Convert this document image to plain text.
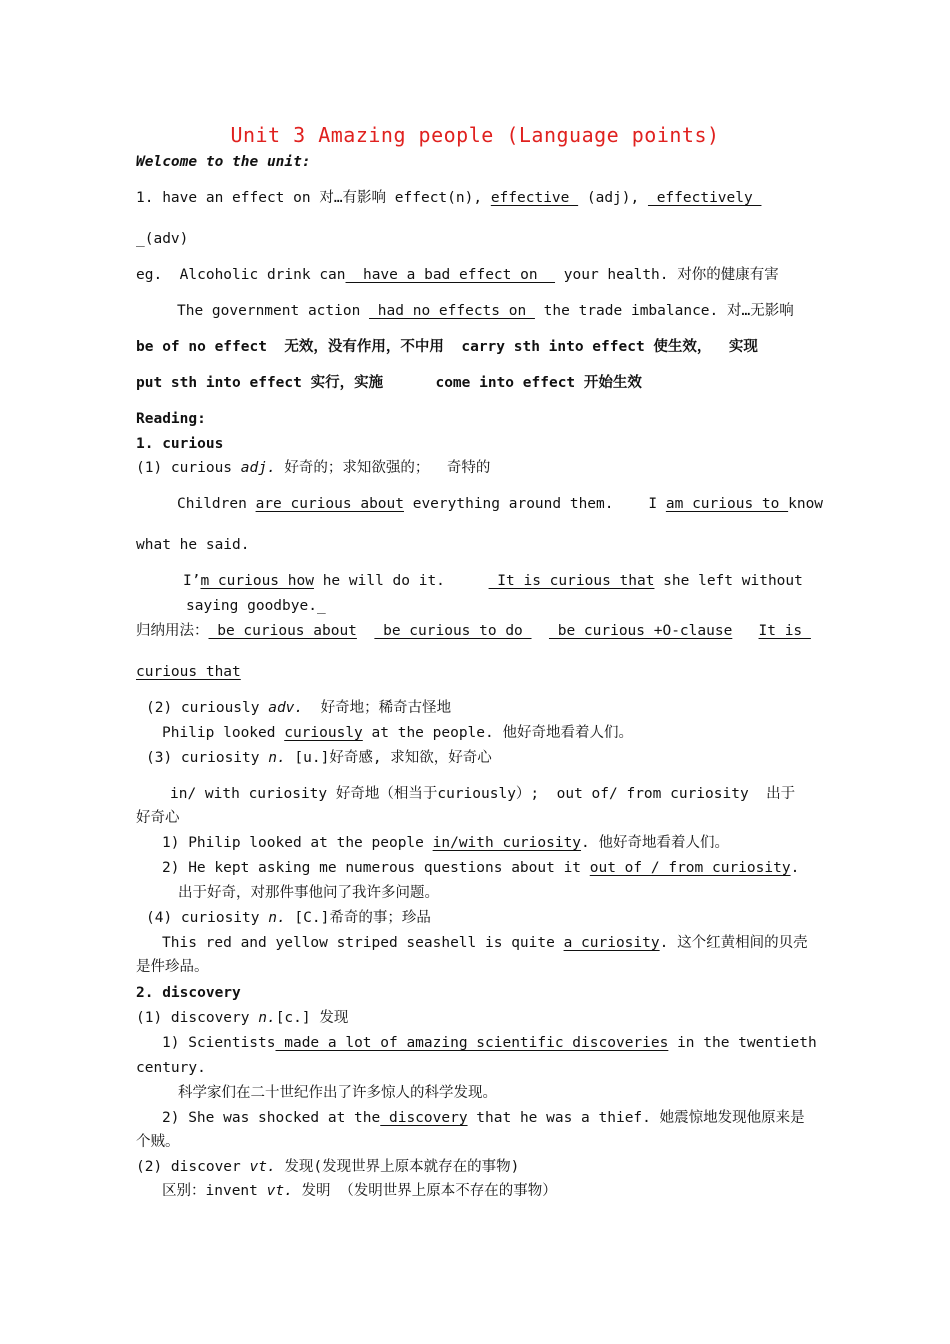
Unit 3 Amazing people (Language points)
Welcome to the unit:
1. have an effect on 对…有影响 effect(n), effective  (adj),  effectively
_(adv)
eg.  Alcoholic drink can  have a bad effect on   your health. 对你的健康有害
The government action  had no effects on  the trade imbalance. 对…无影响
be of no effect  无效，没有作用，不中用  carry sth into effect 使生效，  实现
put sth into effect 实行，实施      come into effect 开始生效
Reading:
1. curious
(1) curious adj. 好奇的；求知欲强的；  奇特的
Children are curious about everything around them.    I am curious to know
what he said.
I’m curious how he will do it.      It is curious that she left without
saying goodbye._
归纳用法： be curious about   be curious to do    be curious +O-clause It is
curious that
(2) curiously adv.  好奇地；稀奇古怪地
Philip looked curiously at the people. 他好奇地看着人们。
(3) curiosity n. [u.]好奇感, 求知欲，好奇心
in/ with curiosity 好奇地（相当于curiously）;  out of/ from curiosity  出于
好奇心
1) Philip looked at the people in/with curiosity. 他好奇地看着人们。
2) He kept asking me numerous questions about it out of / from curiosity.
出于好奇，对那件事他问了我许多问题。
(4) curiosity n. [C.]希奇的事；珍品
This red and yellow striped seashell is quite a curiosity. 这个红黄相间的贝壳
是件珍品。
2. discovery
(1) discovery n.[c.] 发现
1) Scientists made a lot of amazing scientific discoveries in the twentieth
century.
科学家们在二十世纪作出了许多惊人的科学发现。
2) She was shocked at the discovery that he was a thief. 她震惊地发现他原来是
个贼。
(2) discover vt. 发现(发现世界上原本就存在的事物)
区别：invent vt. 发明 （发明世界上原本不存在的事物）
